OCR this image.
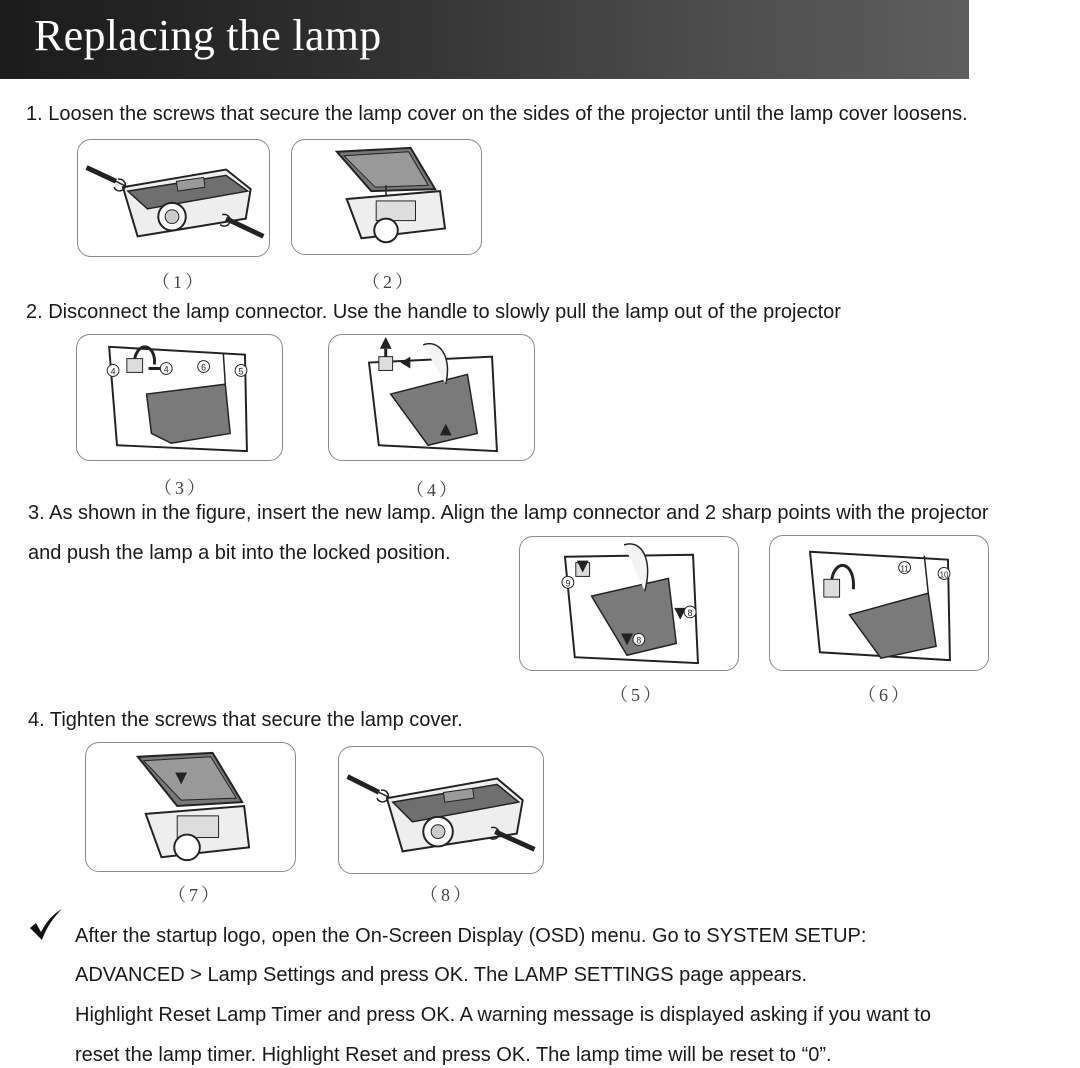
Replacing the lamp
1. Loosen the screws that secure the lamp cover on the sides of the projector until the lamp cover loosens.
（1）	（2）
2. Disconnect the lamp connector. Use the handle to slowly pull the lamp out of the projector
4	4	6	5
（3）	（4）
3. As shown in the figure, insert the new lamp. Align the lamp connector and 2 sharp points with the projector
and push the lamp a bit into the locked position.
9
8
8
11
10
（5）	（6）
4. Tighten the screws that secure the lamp cover.
（7）	（8）
After the startup logo, open the On-Screen Display (OSD) menu. Go to SYSTEM SETUP:
ADVANCED > Lamp Settings and press OK. The LAMP SETTINGS page appears.
Highlight Reset Lamp Timer and press OK. A warning message is displayed asking if you want to
reset the lamp timer. Highlight Reset and press OK. The lamp time will be reset to “0”.
